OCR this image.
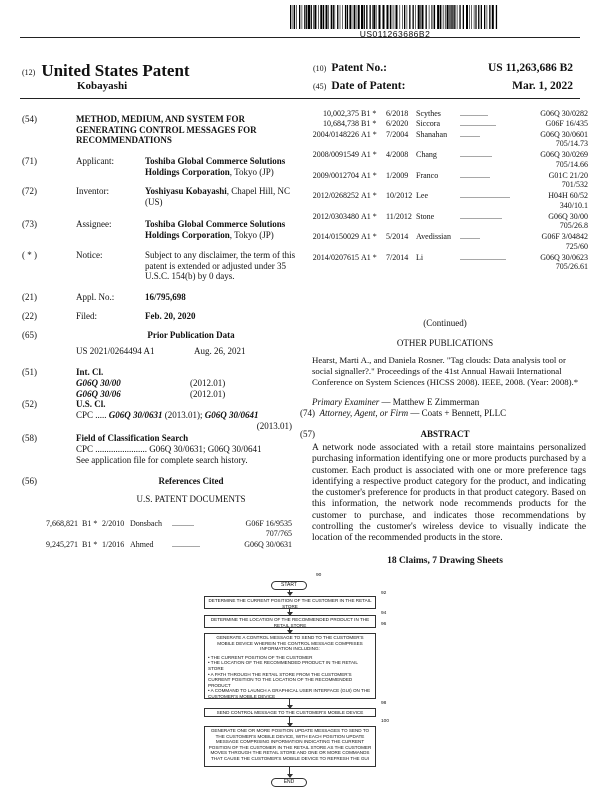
US011263686B2
(12) United States Patent
Kobayashi
(10) Patent No.:	US 11,263,686 B2
(45) Date of Patent:	Mar. 1, 2022
(54)	METHOD, MEDIUM, AND SYSTEM FOR GENERATING CONTROL MESSAGES FOR RECOMMENDATIONS
(71)	Applicant:	Toshiba Global Commerce Solutions Holdings Corporation, Tokyo (JP)
(72)	Inventor:	Yoshiyasu Kobayashi, Chapel Hill, NC (US)
(73)	Assignee:	Toshiba Global Commerce Solutions Holdings Corporation, Tokyo (JP)
( * )	Notice:	Subject to any disclaimer, the term of this patent is extended or adjusted under 35 U.S.C. 154(b) by 0 days.
(21)	Appl. No.:	16/795,698
(22)	Filed:	Feb. 20, 2020
(65)	Prior Publication Data
US 2021/0264494 A1	Aug. 26, 2021
(51)	Int. Cl.
G06Q 30/00	(2012.01)
G06Q 30/06	(2012.01)
(52)	U.S. Cl.
CPC ..... G06Q 30/0631 (2013.01); G06Q 30/0641
(2013.01)
(58)	Field of Classification Search
CPC ....................... G06Q 30/0631; G06Q 30/0641
See application file for complete search history.
(56)	References Cited
U.S. PATENT DOCUMENTS
7,668,821 B1 * 2/2010 Donsbach ...........	G06F 16/9535
707/765
9,245,271 B1 * 1/2016 Ahmed ..............	G06Q 30/0631
10,002,375 B1 * 6/2018 Scythes ..............	G06Q 30/0282
10,684,738 B1 * 6/2020 Siccora	..................	G06F 16/435
2004/0148226 A1 * 7/2004 Shanahan ..........	G06Q 30/0601
705/14.73
2008/0091549 A1 * 4/2008 Chang	................	G06Q 30/0269
705/14.66
2009/0012704 A1 * 1/2009 Franco	...............	G01C 21/20
701/532
2012/0268252 A1 * 10/2012 Lee	.........................	H04H 60/52
340/10.1
2012/0303480 A1 * 11/2012 Stone	.....................	G06Q 30/00
705/26.8
2014/0150029 A1 * 5/2014 Avedissian ..........	G06F 3/04842
725/60
2014/0207615 A1 * 7/2014 Li	.......................	G06Q 30/0623
705/26.61
(Continued)
OTHER PUBLICATIONS
Hearst, Marti A., and Daniela Rosner. "Tag clouds: Data analysis tool or social signaller?." Proceedings of the 41st Annual Hawaii International Conference on System Sciences (HICSS 2008). IEEE, 2008. (Year: 2008).*
Primary Examiner — Matthew E Zimmerman
(74) Attorney, Agent, or Firm — Coats + Bennett, PLLC
(57)	ABSTRACT
A network node associated with a retail store maintains personalized purchasing information identifying one or more products purchased by a customer. Each product is associated with one or more preference tags identifying a respective product category for the product, and indicating the customer's preference for products in that product category. Based on this information, the network node recommends products for the customer to purchase, and indicates those recommendations by controlling the customer's wireless device to visually indicate the location of the recommended products in the store.
18 Claims, 7 Drawing Sheets
START
90
DETERMINE THE CURRENT POSITION OF THE CUSTOMER IN THE RETAIL STORE
92
DETERMINE THE LOCATION OF THE RECOMMENDED PRODUCT IN THE RETAIL STORE
94
GENERATE A CONTROL MESSAGE TO SEND TO THE CUSTOMER'S MOBILE DEVICE WHEREIN THE CONTROL MESSAGE COMPRISES INFORMATION INCLUDING:
• THE CURRENT POSITION OF THE CUSTOMER
• THE LOCATION OF THE RECOMMENDED PRODUCT IN THE RETAIL STORE
• A PATH THROUGH THE RETAIL STORE FROM THE CUSTOMER'S CURRENT POSITION TO THE LOCATION OF THE RECOMMENDED PRODUCT
• A COMMAND TO LAUNCH A GRAPHICAL USER INTERFACE (GUI) ON THE CUSTOMER'S MOBILE DEVICE
96
SEND CONTROL MESSAGE TO THE CUSTOMER'S MOBILE DEVICE
98
GENERATE ONE OR MORE POSITION UPDATE MESSAGES TO SEND TO THE CUSTOMER'S MOBILE DEVICE, WITH EACH POSITION UPDATE MESSAGE COMPRISING INFORMATION INDICATING THE CURRENT POSITION OF THE CUSTOMER IN THE RETAIL STORE AS THE CUSTOMER MOVES THROUGH THE RETAIL STORE AND ONE OR MORE COMMANDS THAT CAUSE THE CUSTOMER'S MOBILE DEVICE TO REFRESH THE GUI
100
END
